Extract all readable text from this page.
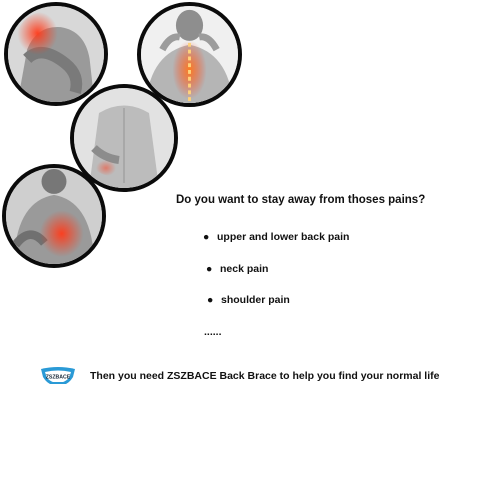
Do you want to stay away from thoses pains?
● upper and lower back pain
● neck pain
● shoulder pain
......
ZSZBACE Then you need ZSZBACE Back Brace to help you find your normal life
